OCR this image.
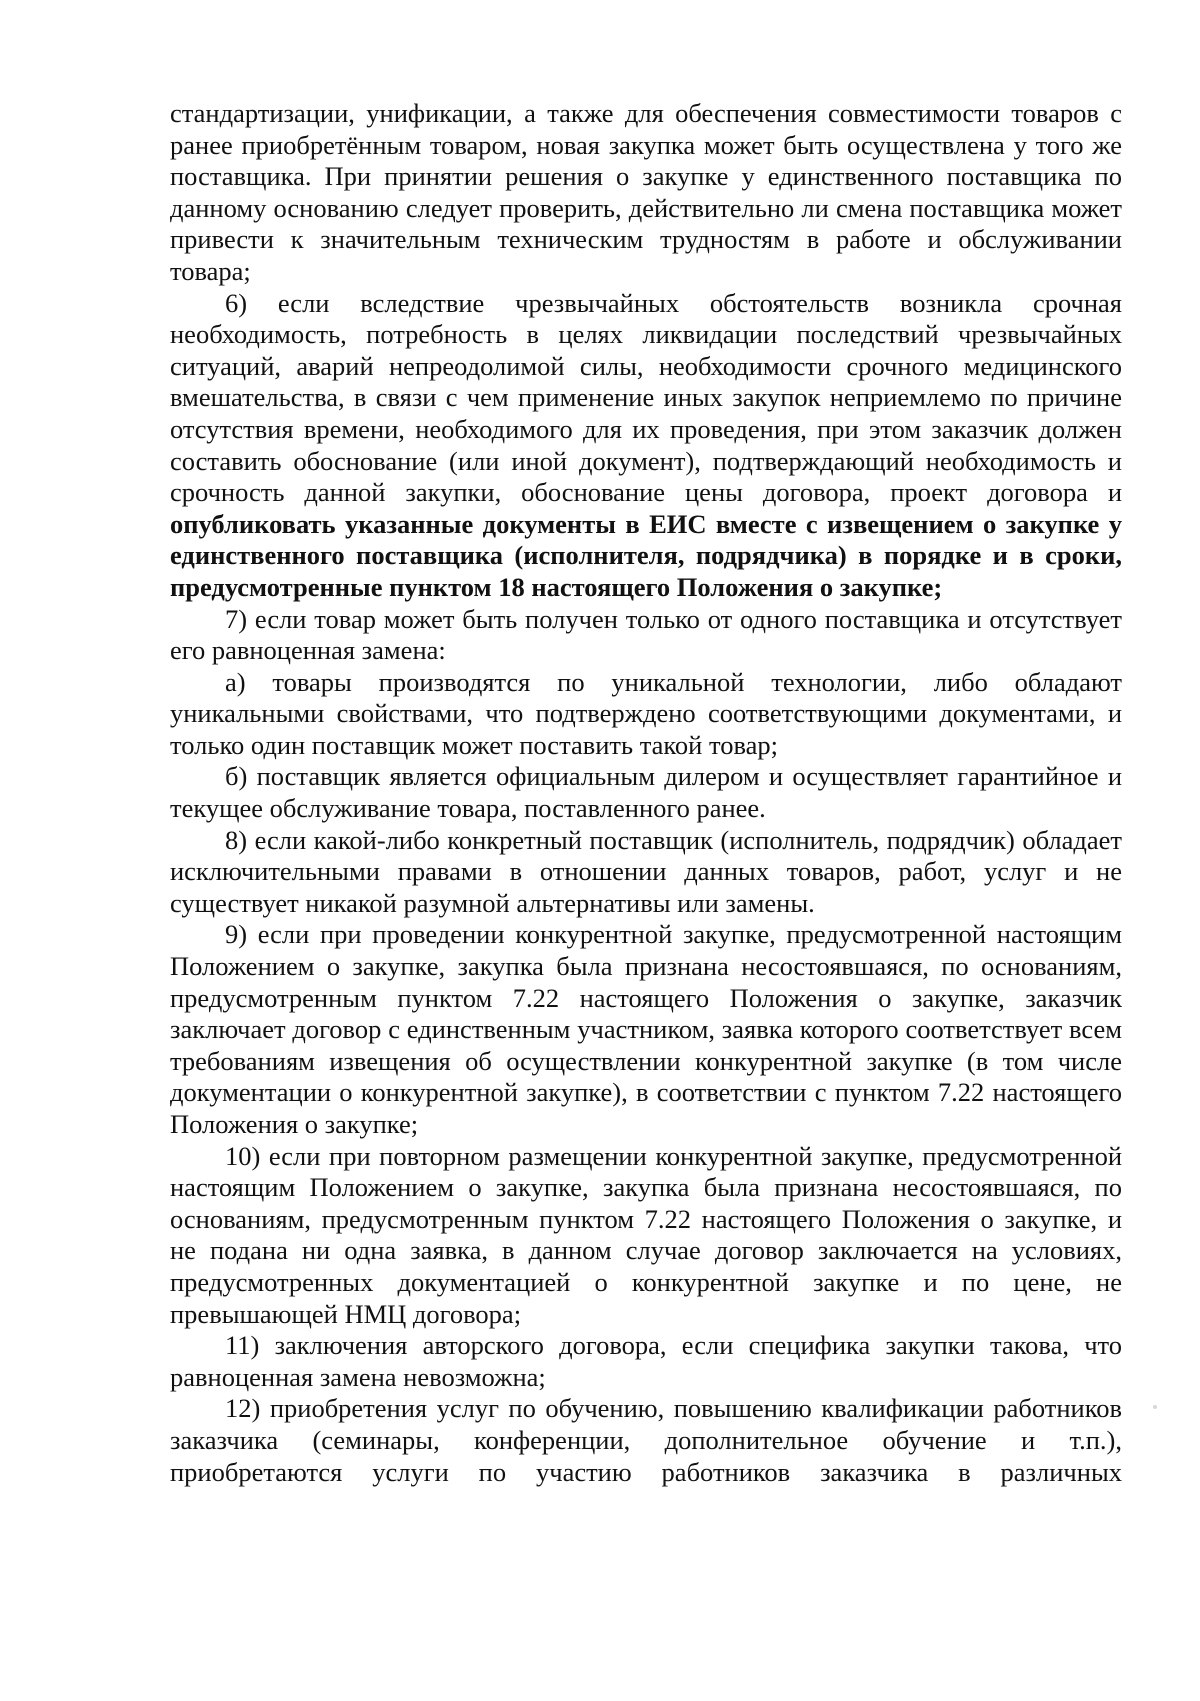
стандартизации, унификации, а также для обеспечения совместимости товаров с ранее приобретённым товаром, новая закупка может быть осуществлена у того же поставщика. При принятии решения о закупке у единственного поставщика по данному основанию следует проверить, действительно ли смена поставщика может привести к значительным техническим трудностям в работе и обслуживании товара;

6) если вследствие чрезвычайных обстоятельств возникла срочная необходимость, потребность в целях ликвидации последствий чрезвычайных ситуаций, аварий непреодолимой силы, необходимости срочного медицинского вмешательства, в связи с чем применение иных закупок неприемлемо по причине отсутствия времени, необходимого для их проведения, при этом заказчик должен составить обоснование (или иной документ), подтверждающий необходимость и срочность данной закупки, обоснование цены договора, проект договора и опубликовать указанные документы в ЕИС вместе с извещением о закупке у единственного поставщика (исполнителя, подрядчика) в порядке и в сроки, предусмотренные пунктом 18 настоящего Положения о закупке;

7) если товар может быть получен только от одного поставщика и отсутствует его равноценная замена:

а) товары производятся по уникальной технологии, либо обладают уникальными свойствами, что подтверждено соответствующими документами, и только один поставщик может поставить такой товар;

б) поставщик является официальным дилером и осуществляет гарантийное и текущее обслуживание товара, поставленного ранее.

8) если какой-либо конкретный поставщик (исполнитель, подрядчик) обладает исключительными правами в отношении данных товаров, работ, услуг и не существует никакой разумной альтернативы или замены.

9) если при проведении конкурентной закупке, предусмотренной настоящим Положением о закупке, закупка была признана несостоявшаяся, по основаниям, предусмотренным пунктом 7.22 настоящего Положения о закупке, заказчик заключает договор с единственным участником, заявка которого соответствует всем требованиям извещения об осуществлении конкурентной закупке (в том числе документации о конкурентной закупке), в соответствии с пунктом 7.22 настоящего Положения о закупке;

10) если при повторном размещении конкурентной закупке, предусмотренной настоящим Положением о закупке, закупка была признана несостоявшаяся, по основаниям, предусмотренным пунктом 7.22 настоящего Положения о закупке, и не подана ни одна заявка, в данном случае договор заключается на условиях, предусмотренных документацией о конкурентной закупке и по цене, не превышающей НМЦ договора;

11) заключения авторского договора, если специфика закупки такова, что равноценная замена невозможна;

12) приобретения услуг по обучению, повышению квалификации работников заказчика (семинары, конференции, дополнительное обучение и т.п.), приобретаются услуги по участию работников заказчика в различных
